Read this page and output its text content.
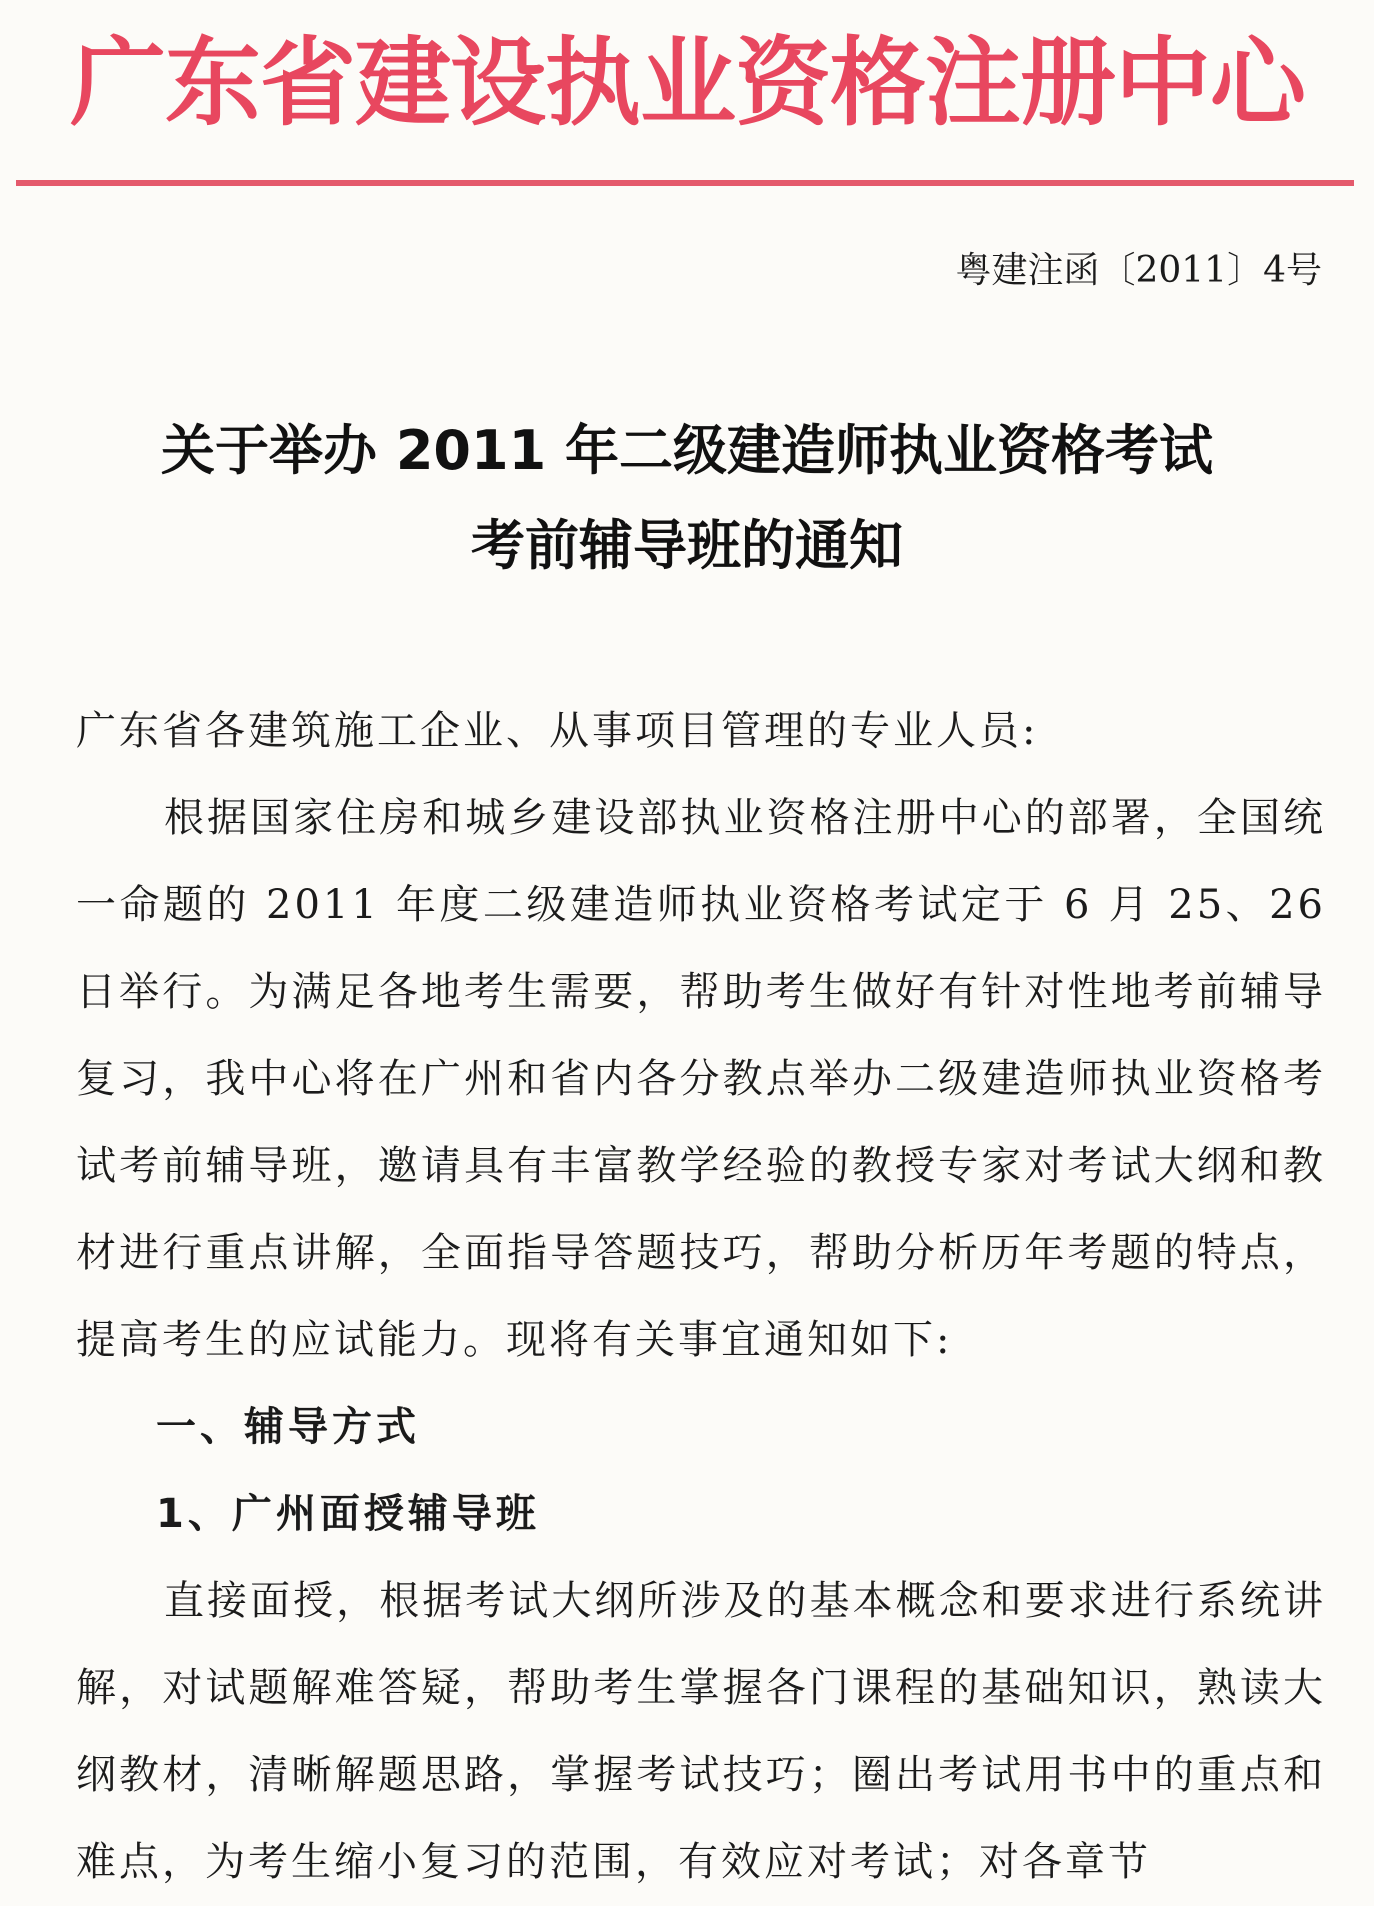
广东省建设执业资格注册中心
粤建注函〔2011〕4号
关于举办 2011 年二级建造师执业资格考试
考前辅导班的通知

广东省各建筑施工企业、从事项目管理的专业人员:

根据国家住房和城乡建设部执业资格注册中心的部署，全国统一命题的 2011 年度二级建造师执业资格考试定于 6 月 25、26 日举行。为满足各地考生需要，帮助考生做好有针对性地考前辅导复习，我中心将在广州和省内各分教点举办二级建造师执业资格考试考前辅导班，邀请具有丰富教学经验的教授专家对考试大纲和教材进行重点讲解，全面指导答题技巧，帮助分析历年考题的特点，提高考生的应试能力。现将有关事宜通知如下:

一、辅导方式

1、广州面授辅导班

直接面授，根据考试大纲所涉及的基本概念和要求进行系统讲解，对试题解难答疑，帮助考生掌握各门课程的基础知识，熟读大纲教材，清晰解题思路，掌握考试技巧；圈出考试用书中的重点和难点，为考生缩小复习的范围，有效应对考试；对各章节
